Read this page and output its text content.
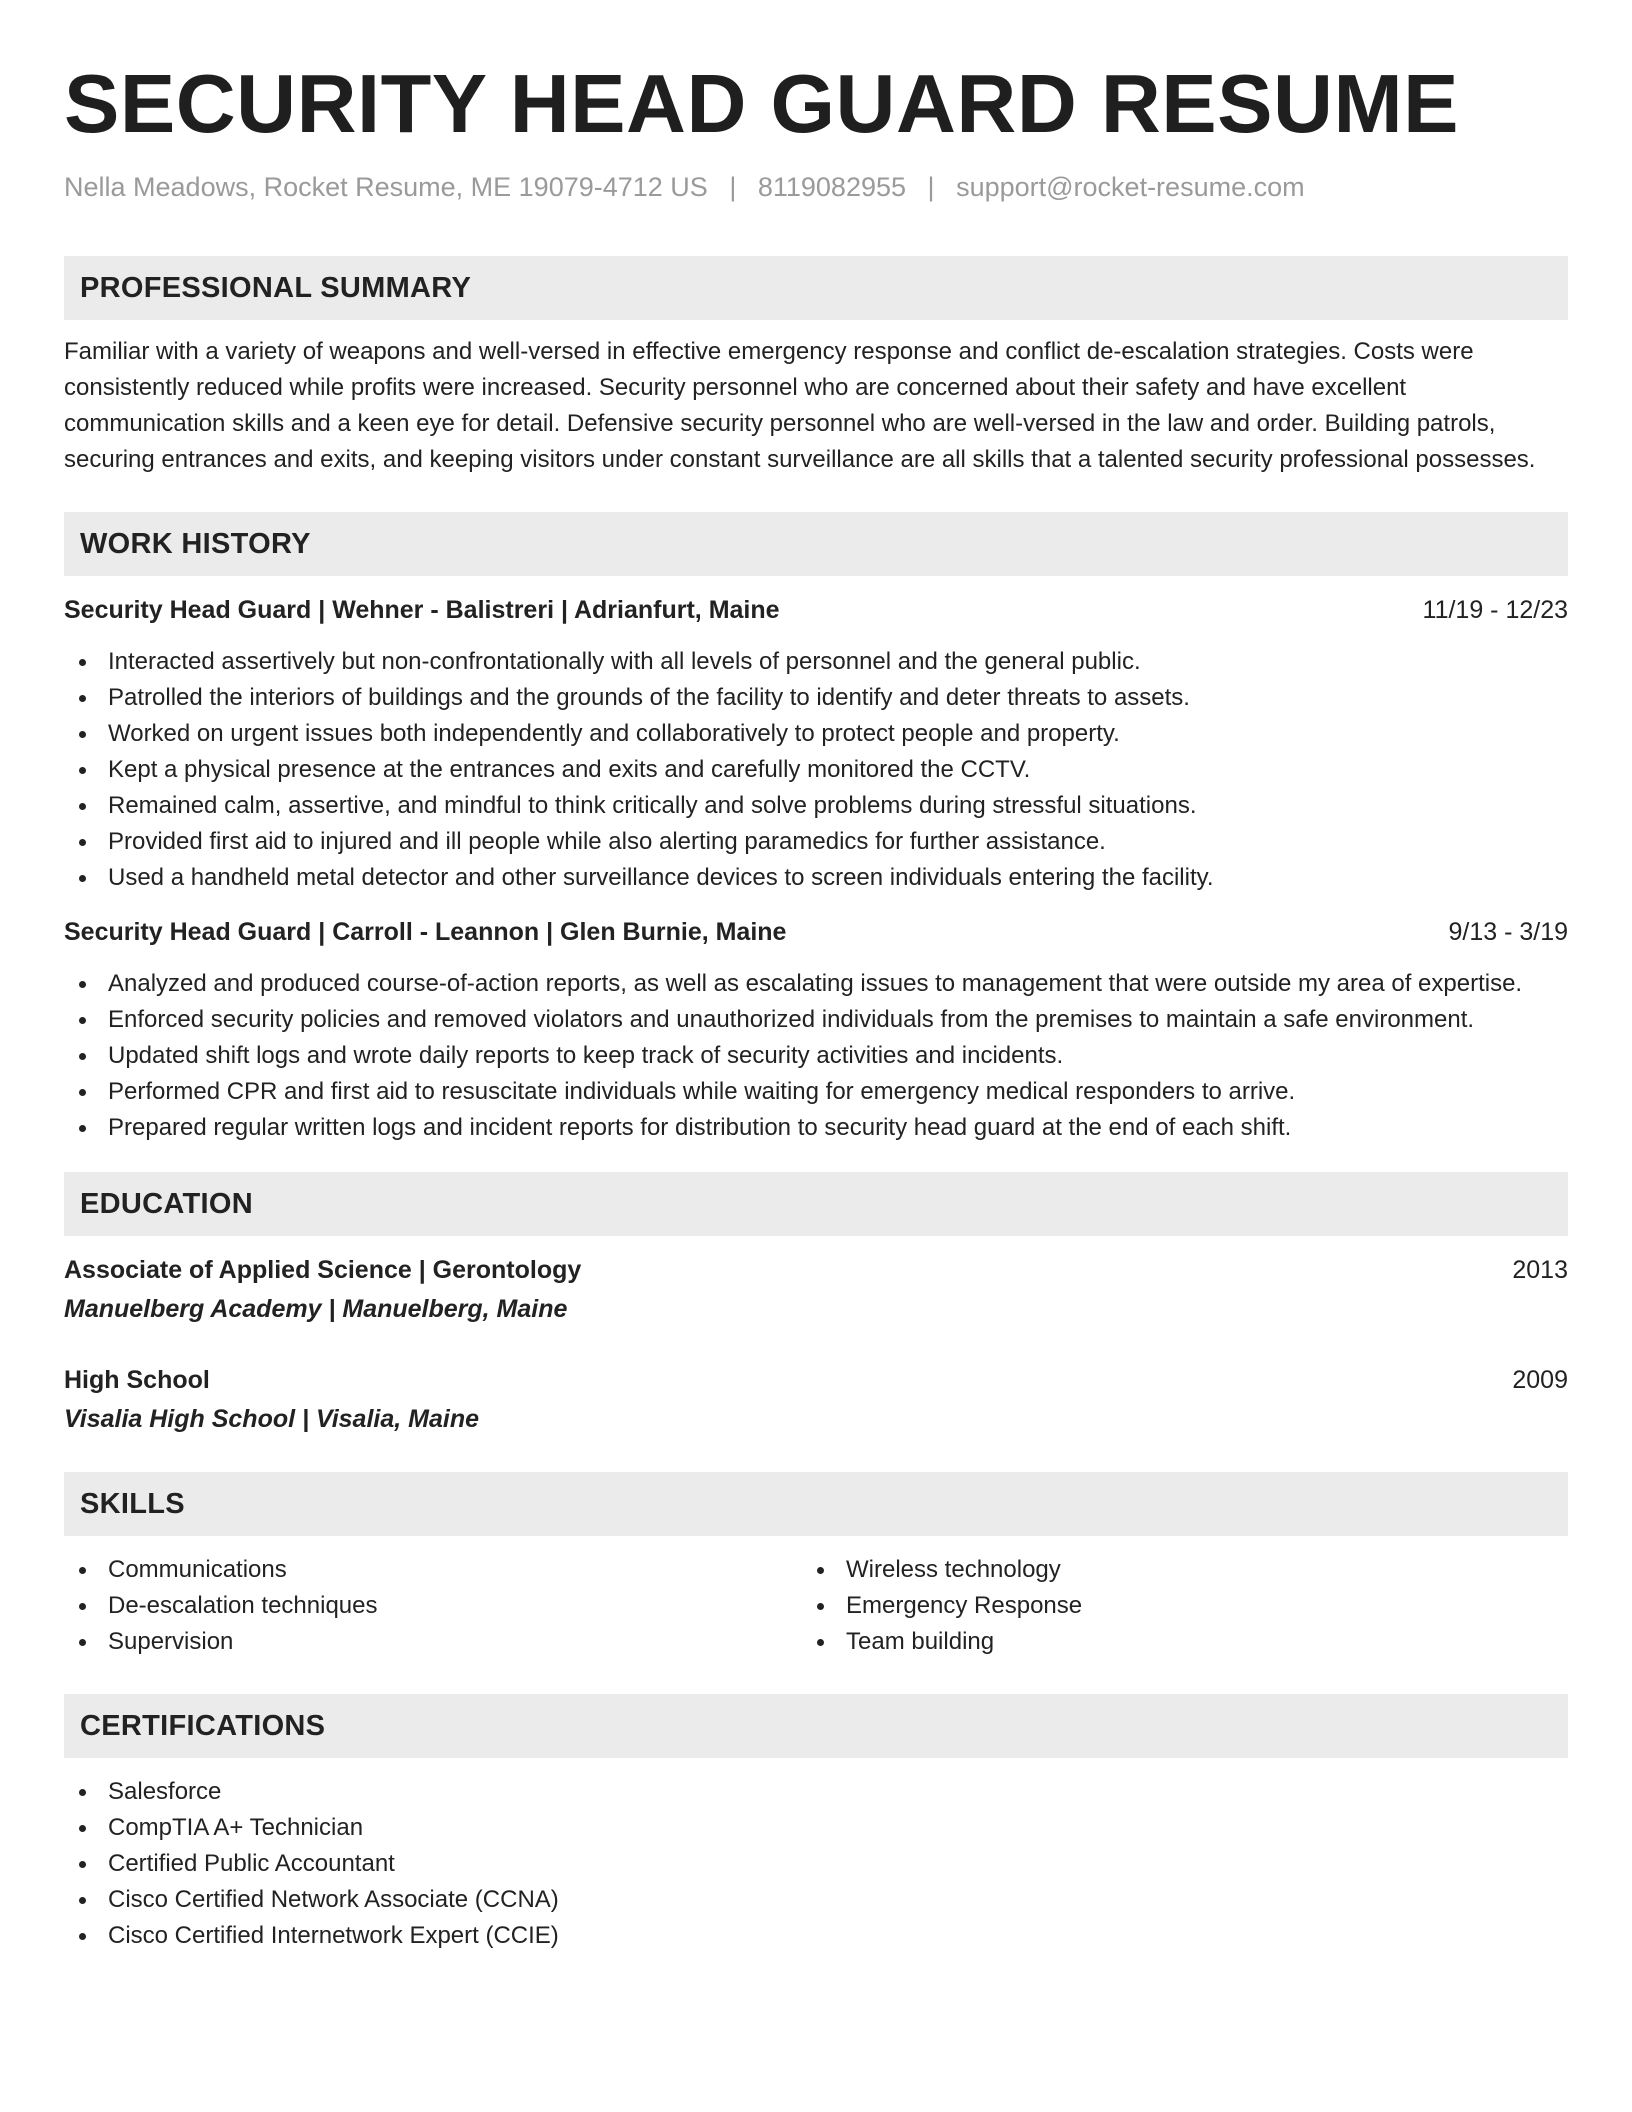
SECURITY HEAD GUARD RESUME
Nella Meadows, Rocket Resume, ME 19079-4712 US | 8119082955 | support@rocket-resume.com
PROFESSIONAL SUMMARY

Familiar with a variety of weapons and well-versed in effective emergency response and conflict de-escalation strategies. Costs were consistently reduced while profits were increased. Security personnel who are concerned about their safety and have excellent communication skills and a keen eye for detail. Defensive security personnel who are well-versed in the law and order. Building patrols, securing entrances and exits, and keeping visitors under constant surveillance are all skills that a talented security professional possesses.

WORK HISTORY
Security Head Guard | Wehner - Balistreri | Adrianfurt, Maine	11/19 - 12/23
Interacted assertively but non-confrontationally with all levels of personnel and the general public.
Patrolled the interiors of buildings and the grounds of the facility to identify and deter threats to assets.
Worked on urgent issues both independently and collaboratively to protect people and property.
Kept a physical presence at the entrances and exits and carefully monitored the CCTV.
Remained calm, assertive, and mindful to think critically and solve problems during stressful situations.
Provided first aid to injured and ill people while also alerting paramedics for further assistance.
Used a handheld metal detector and other surveillance devices to screen individuals entering the facility.
Security Head Guard | Carroll - Leannon | Glen Burnie, Maine	9/13 - 3/19
Analyzed and produced course-of-action reports, as well as escalating issues to management that were outside my area of expertise.
Enforced security policies and removed violators and unauthorized individuals from the premises to maintain a safe environment.
Updated shift logs and wrote daily reports to keep track of security activities and incidents.
Performed CPR and first aid to resuscitate individuals while waiting for emergency medical responders to arrive.
Prepared regular written logs and incident reports for distribution to security head guard at the end of each shift.
EDUCATION
Associate of Applied Science | Gerontology	2013
Manuelberg Academy | Manuelberg, Maine
High School	2009
Visalia High School | Visalia, Maine
SKILLS
Communications
De-escalation techniques
Supervision
Wireless technology
Emergency Response
Team building
CERTIFICATIONS
Salesforce
CompTIA A+ Technician
Certified Public Accountant
Cisco Certified Network Associate (CCNA)
Cisco Certified Internetwork Expert (CCIE)
